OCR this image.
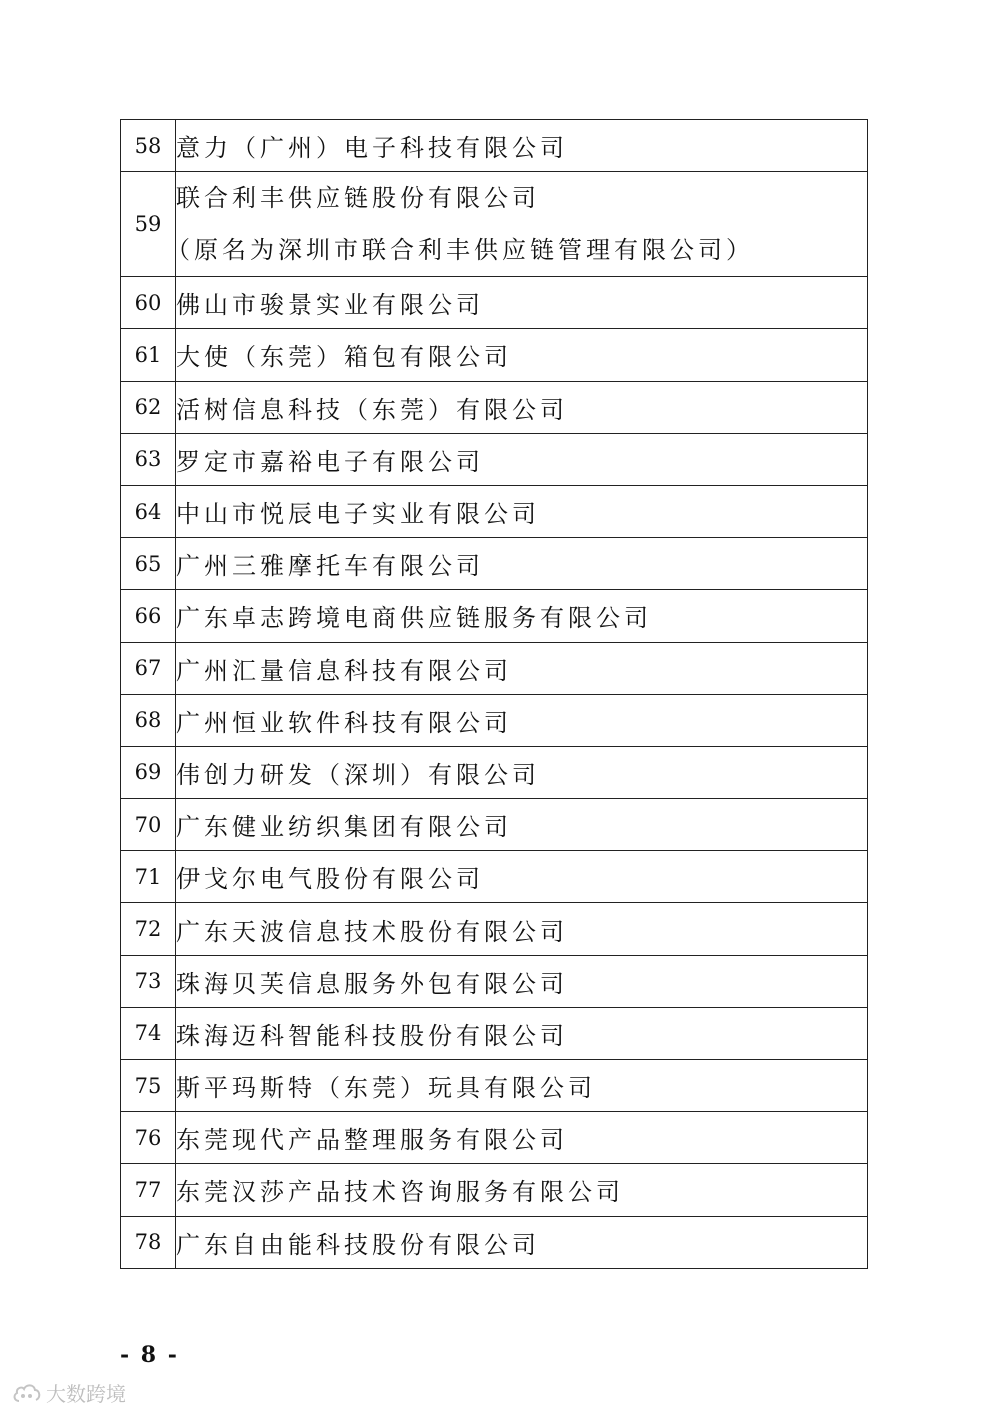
58	意力（广州）电子科技有限公司
59	联合利丰供应链股份有限公司
（原名为深圳市联合利丰供应链管理有限公司）

60	佛山市骏景实业有限公司
61	大使（东莞）箱包有限公司
62	活树信息科技（东莞）有限公司
63	罗定市嘉裕电子有限公司
64	中山市悦辰电子实业有限公司
65	广州三雅摩托车有限公司
66	广东卓志跨境电商供应链服务有限公司
67	广州汇量信息科技有限公司
68	广州恒业软件科技有限公司
69	伟创力研发（深圳）有限公司
70	广东健业纺织集团有限公司
71	伊戈尔电气股份有限公司
72	广东天波信息技术股份有限公司
73	珠海贝芙信息服务外包有限公司
74	珠海迈科智能科技股份有限公司
75	斯平玛斯特（东莞）玩具有限公司
76	东莞现代产品整理服务有限公司
77	东莞汉莎产品技术咨询服务有限公司
78	广东自由能科技股份有限公司
- 8 -
大数跨境
